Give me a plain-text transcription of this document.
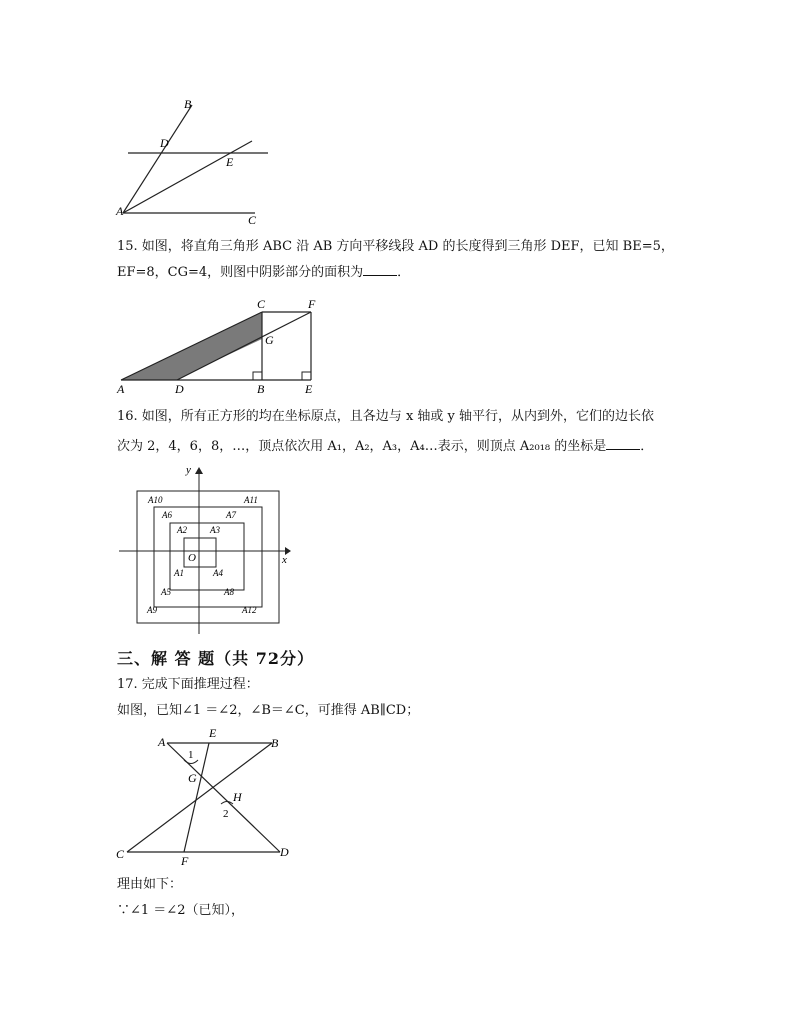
B
D
E
A
C
15. 如图，将直角三角形 ABC 沿 AB 方向平移线段 AD 的长度得到三角形 DEF，已知 BE=5，
EF=8，CG=4，则图中阴影部分的面积为	．
C	F
G
A	D	B	E
16. 如图，所有正方形的均在坐标原点，且各边与 x 轴或 y 轴平行，从内到外，它们的边长依
次为 2，4，6，8，…，顶点依次用 A₁，A₂，A₃，A₄…表示，则顶点 A₂₀₁₈ 的坐标是	．
y
x
O
A1
A2	A3
A4
A5
A6	A7
A8
A9
A10	A11
A12
三、解 答 题（共 72分）
17. 完成下面推理过程：
如图，已知∠1 ＝∠2，∠B＝∠C，可推得 AB∥CD；
A
E
B
G
H
C	F
D
1
2
理由如下：
∵∠1 ＝∠2（已知），
